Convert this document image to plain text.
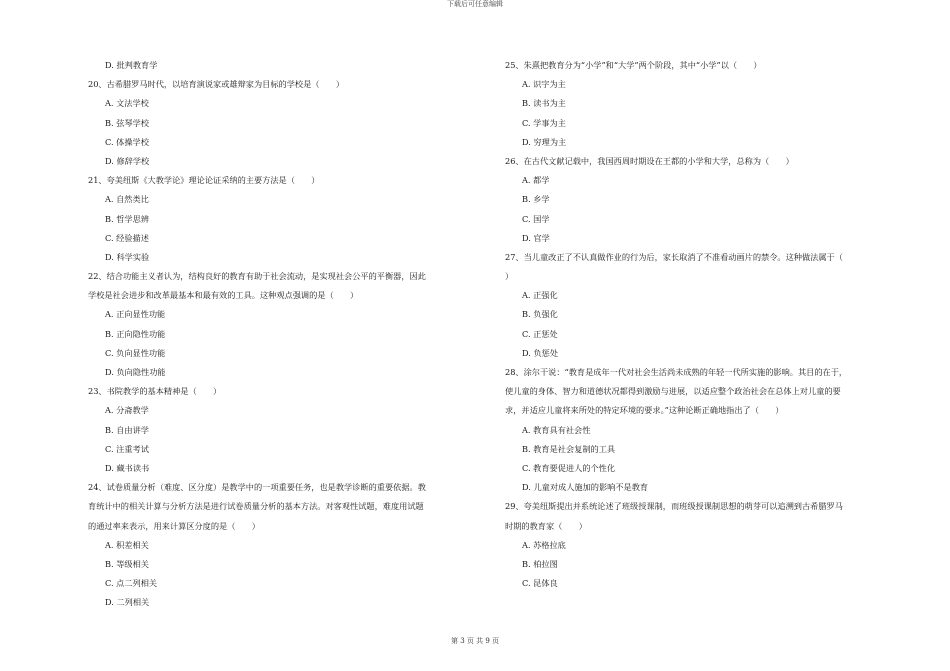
下载后可任意编辑
D. 批判教育学
20、古希腊罗马时代，以培育演说家或雄辩家为目标的学校是（　　）
A. 文法学校
B. 弦琴学校
C. 体操学校
D. 修辞学校
21、夸美纽斯《大教学论》理论论证采纳的主要方法是（　　）
A. 自然类比
B. 哲学思辨
C. 经验描述
D. 科学实验
22、结合功能主义者认为，结构良好的教育有助于社会流动，是实现社会公平的平衡器，因此
学校是社会进步和改革最基本和最有效的工具。这种观点强调的是（　　）
A. 正向显性功能
B. 正向隐性功能
C. 负向显性功能
D. 负向隐性功能
23、书院教学的基本精神是（　　）
A. 分斋教学
B. 自由讲学
C. 注重考试
D. 藏书读书
24、试卷质量分析（难度、区分度）是教学中的一项重要任务，也是教学诊断的重要依据。教
育统计中的相关计算与分析方法是进行试卷质量分析的基本方法。对客观性试题，难度用试题
的通过率来表示，用来计算区分度的是（　　）
A. 积差相关
B. 等级相关
C. 点二列相关
D. 二列相关
25、朱熹把教育分为“小学”和“大学”两个阶段，其中“小学”以（　　）
A. 识字为主
B. 读书为主
C. 学事为主
D. 穷理为主
26、在古代文献记载中，我国西周时期设在王都的小学和大学，总称为（　　）
A. 都学
B. 乡学
C. 国学
D. 官学
27、当儿童改正了不认真做作业的行为后，家长取消了不准看动画片的禁令。这种做法属于（
）
A. 正强化
B. 负强化
C. 正惩处
D. 负惩处
28、涂尔干说：“教育是成年一代对社会生活尚未成熟的年轻一代所实施的影响。其目的在于，
使儿童的身体、智力和道德状况都得到激励与进展，以适应整个政治社会在总体上对儿童的要
求，并适应儿童将来所处的特定环境的要求。”这种论断正确地指出了（　　）
A. 教育具有社会性
B. 教育是社会复制的工具
C. 教育要促进人的个性化
D. 儿童对成人施加的影响不是教育
29、夸美纽斯提出并系统论述了班级授课制，而班级授课制思想的萌芽可以追溯到古希腊罗马
时期的教育家（　　）
A. 苏格拉底
B. 柏拉图
C. 昆体良
第 3 页 共 9 页
